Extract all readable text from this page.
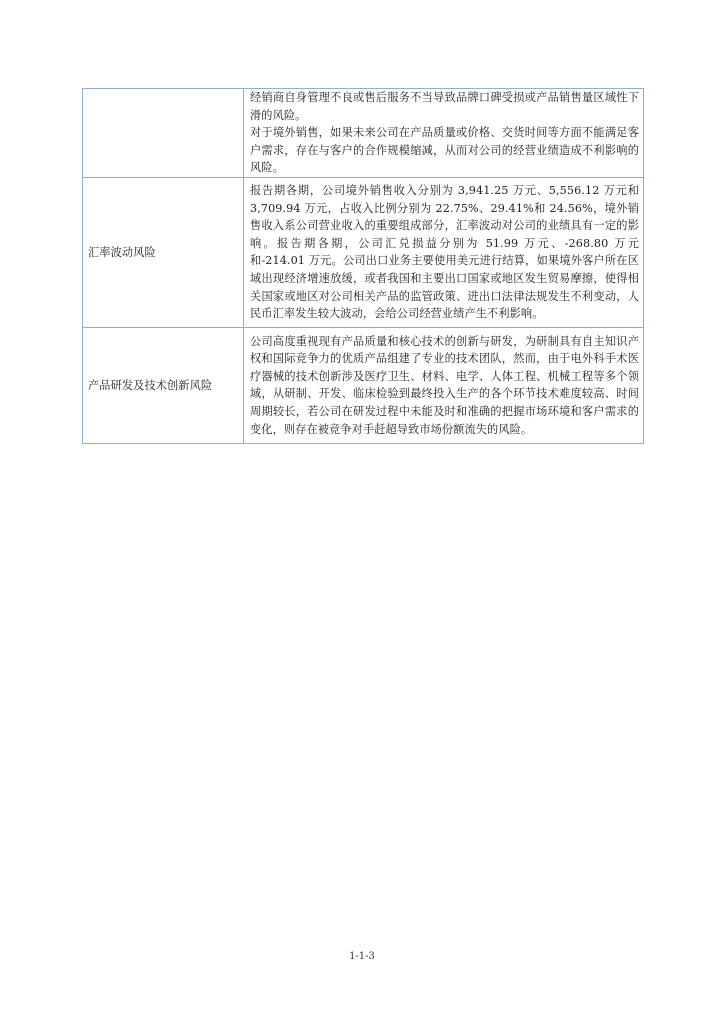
	经销商自身管理不良或售后服务不当导致品牌口碑受损或产品销售量区域性下滑的风险。
对于境外销售，如果未来公司在产品质量或价格、交货时间等方面不能满足客户需求，存在与客户的合作规模缩减，从而对公司的经营业绩造成不利影响的风险。

汇率波动风险	报告期各期，公司境外销售收入分别为 3,941.25 万元、5,556.12 万元和 3,709.94 万元，占收入比例分别为 22.75%、29.41%和 24.56%，境外销售收入系公司营业收入的重要组成部分，汇率波动对公司的业绩具有一定的影响。报告期各期，公司汇兑损益分别为 51.99 万元、-268.80 万元和-214.01 万元。公司出口业务主要使用美元进行结算，如果境外客户所在区域出现经济增速放缓，或者我国和主要出口国家或地区发生贸易摩擦，使得相关国家或地区对公司相关产品的监管政策、进出口法律法规发生不利变动，人民币汇率发生较大波动，会给公司经营业绩产生不利影响。

产品研发及技术创新风险	公司高度重视现有产品质量和核心技术的创新与研发，为研制具有自主知识产权和国际竞争力的优质产品组建了专业的技术团队，然而，由于电外科手术医疗器械的技术创新涉及医疗卫生、材料、电学、人体工程、机械工程等多个领域，从研制、开发、临床检验到最终投入生产的各个环节技术难度较高、时间周期较长，若公司在研发过程中未能及时和准确的把握市场环境和客户需求的变化，则存在被竞争对手赶超导致市场份额流失的风险。
1-1-3
